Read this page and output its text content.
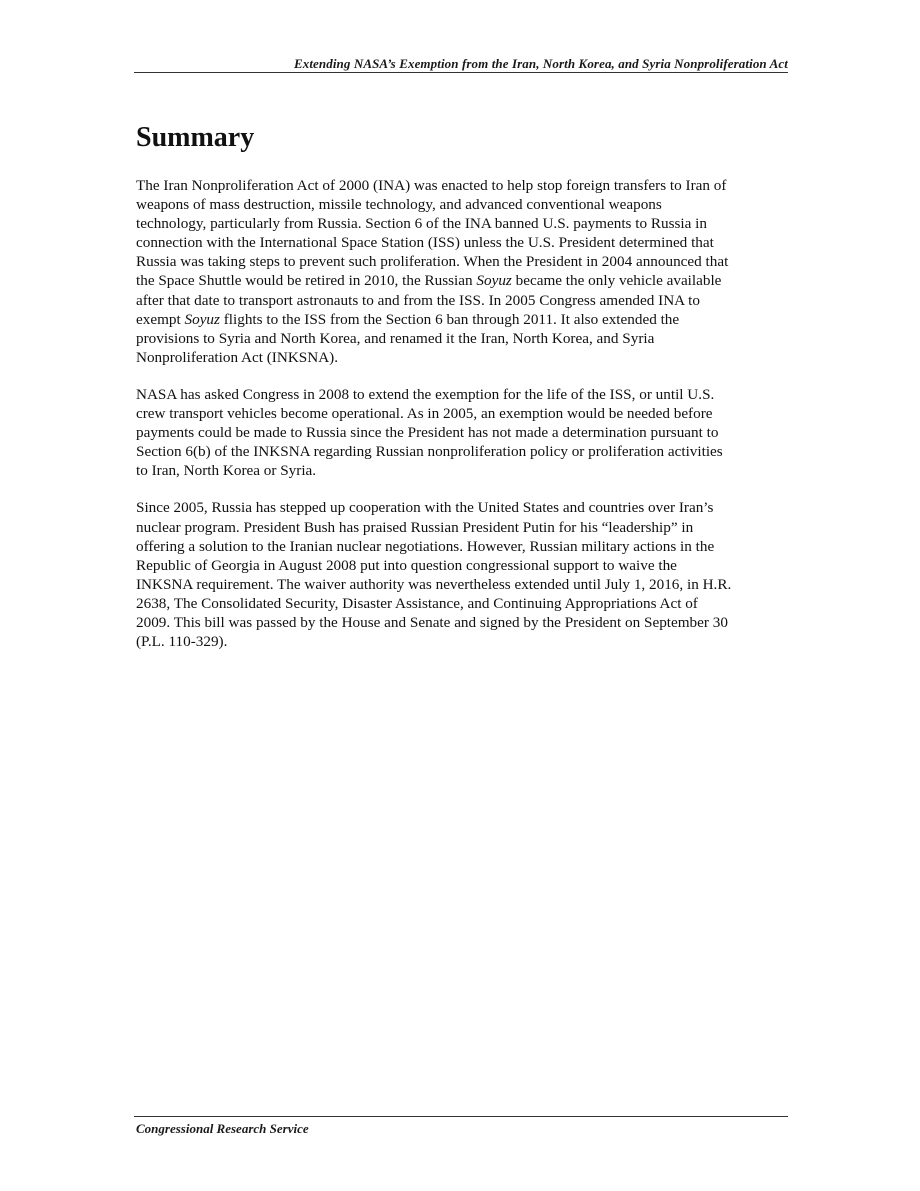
Extending NASA’s Exemption from the Iran, North Korea, and Syria Nonproliferation Act
Summary

The Iran Nonproliferation Act of 2000 (INA) was enacted to help stop foreign transfers to Iran of
weapons of mass destruction, missile technology, and advanced conventional weapons
technology, particularly from Russia. Section 6 of the INA banned U.S. payments to Russia in
connection with the International Space Station (ISS) unless the U.S. President determined that
Russia was taking steps to prevent such proliferation. When the President in 2004 announced that
the Space Shuttle would be retired in 2010, the Russian Soyuz became the only vehicle available
after that date to transport astronauts to and from the ISS. In 2005 Congress amended INA to
exempt Soyuz flights to the ISS from the Section 6 ban through 2011. It also extended the
provisions to Syria and North Korea, and renamed it the Iran, North Korea, and Syria
Nonproliferation Act (INKSNA).

NASA has asked Congress in 2008 to extend the exemption for the life of the ISS, or until U.S.
crew transport vehicles become operational. As in 2005, an exemption would be needed before
payments could be made to Russia since the President has not made a determination pursuant to
Section 6(b) of the INKSNA regarding Russian nonproliferation policy or proliferation activities
to Iran, North Korea or Syria.

Since 2005, Russia has stepped up cooperation with the United States and countries over Iran’s
nuclear program. President Bush has praised Russian President Putin for his “leadership” in
offering a solution to the Iranian nuclear negotiations. However, Russian military actions in the
Republic of Georgia in August 2008 put into question congressional support to waive the
INKSNA requirement. The waiver authority was nevertheless extended until July 1, 2016, in H.R.
2638, The Consolidated Security, Disaster Assistance, and Continuing Appropriations Act of
2009. This bill was passed by the House and Senate and signed by the President on September 30
(P.L. 110-329).

Congressional Research Service
